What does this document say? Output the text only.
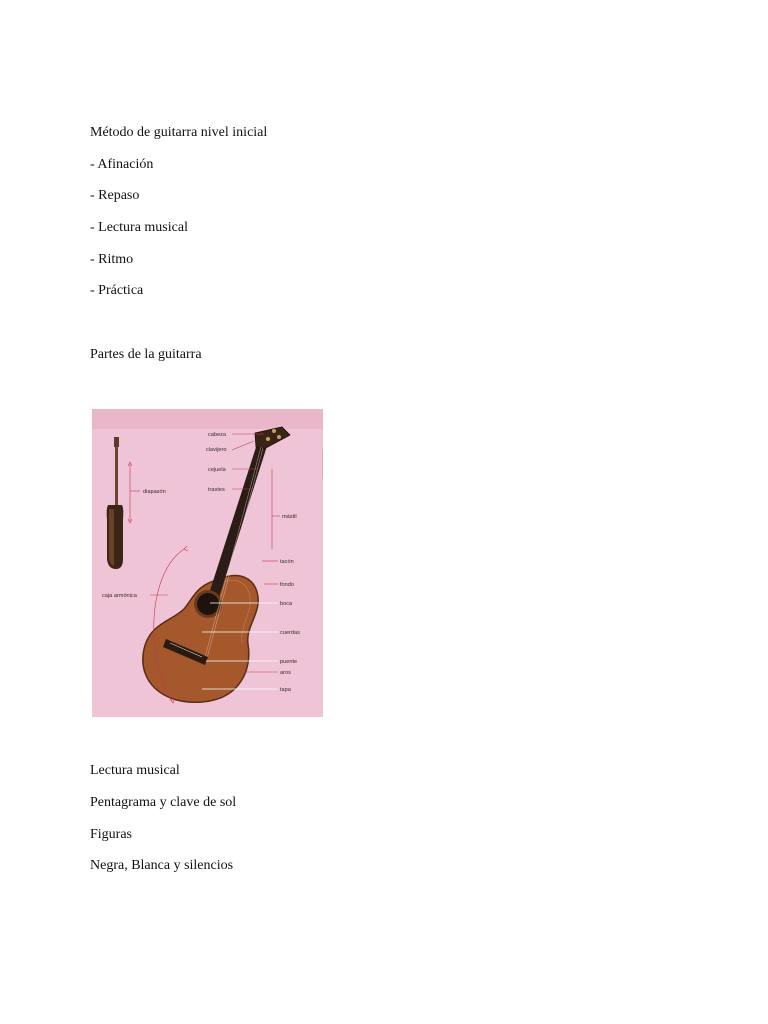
Método de guitarra nivel inicial
- Afinación
- Repaso
- Lectura musical
- Ritmo
- Práctica
Partes de la guitarra
diapasón
caja armónica
cabeza
clavijero
cejuela
trastes
mástil
tacón
fondo
boca
cuerdas
puente
aros
tapa
Lectura musical
Pentagrama y clave de sol
Figuras
Negra, Blanca y silencios
